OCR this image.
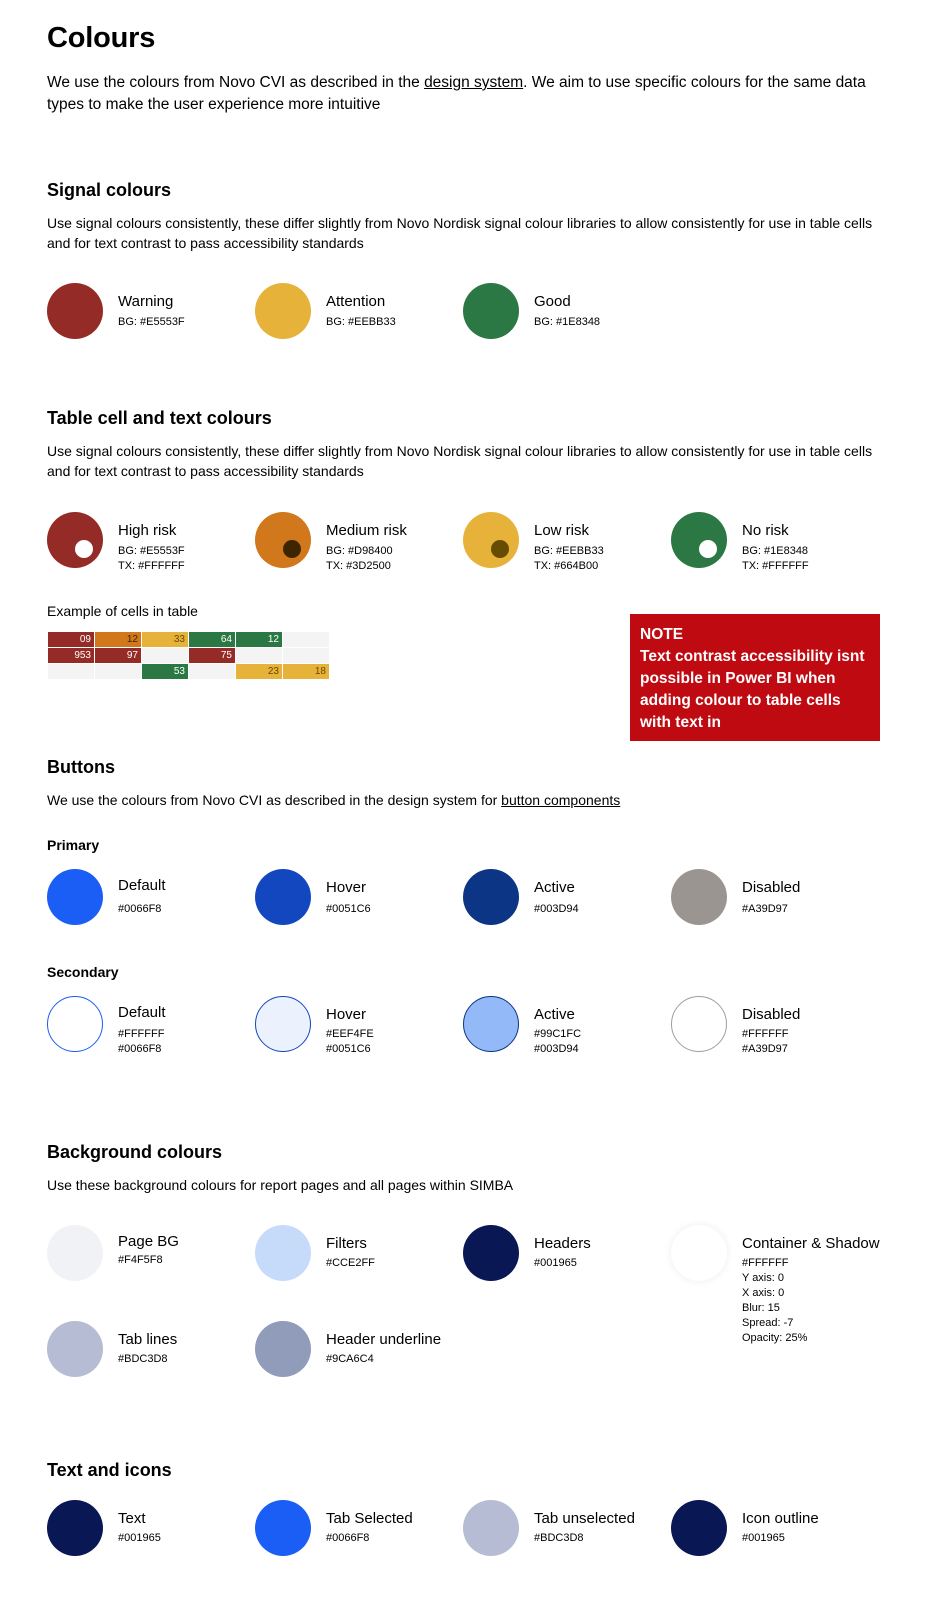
Colours
We use the colours from Novo CVI as described in the design system. We aim to use specific colours for the same data types to make the user experience more intuitive
Signal colours
Use signal colours consistently, these differ slightly from Novo Nordisk signal colour libraries to allow consistently for use in table cells and for text contrast to pass accessibility standards
Warning
BG: #E5553F
Attention
BG: #EEBB33
Good
BG: #1E8348
Table cell and text colours
Use signal colours consistently, these differ slightly from Novo Nordisk signal colour libraries to allow consistently for use in table cells and for text contrast to pass accessibility standards
High risk
BG: #E5553F
TX: #FFFFFF
Medium risk
BG: #D98400
TX: #3D2500
Low risk
BG: #EEBB33
TX: #664B00
No risk
BG: #1E8348
TX: #FFFFFF
Example of cells in table
09	12	33	64	12	
953	97		75		
		53		23	18
NOTE
Text contrast accessibility isnt possible in Power BI when adding colour to table cells with text in
Buttons
We use the colours from Novo CVI as described in the design system for button components
Primary
Default
#0066F8
Hover
#0051C6
Active
#003D94
Disabled
#A39D97
Secondary
Default
#FFFFFF
#0066F8
Hover
#EEF4FE
#0051C6
Active
#99C1FC
#003D94
Disabled
#FFFFFF
#A39D97
Background colours
Use these background colours for report pages and all pages within SIMBA
Page BG
#F4F5F8
Filters
#CCE2FF
Headers
#001965
Container & Shadow
#FFFFFF
Y axis: 0
X axis: 0
Blur: 15
Spread: -7
Opacity: 25%
Tab lines
#BDC3D8
Header underline
#9CA6C4
Text and icons
Text
#001965
Tab Selected
#0066F8
Tab unselected
#BDC3D8
Icon outline
#001965
